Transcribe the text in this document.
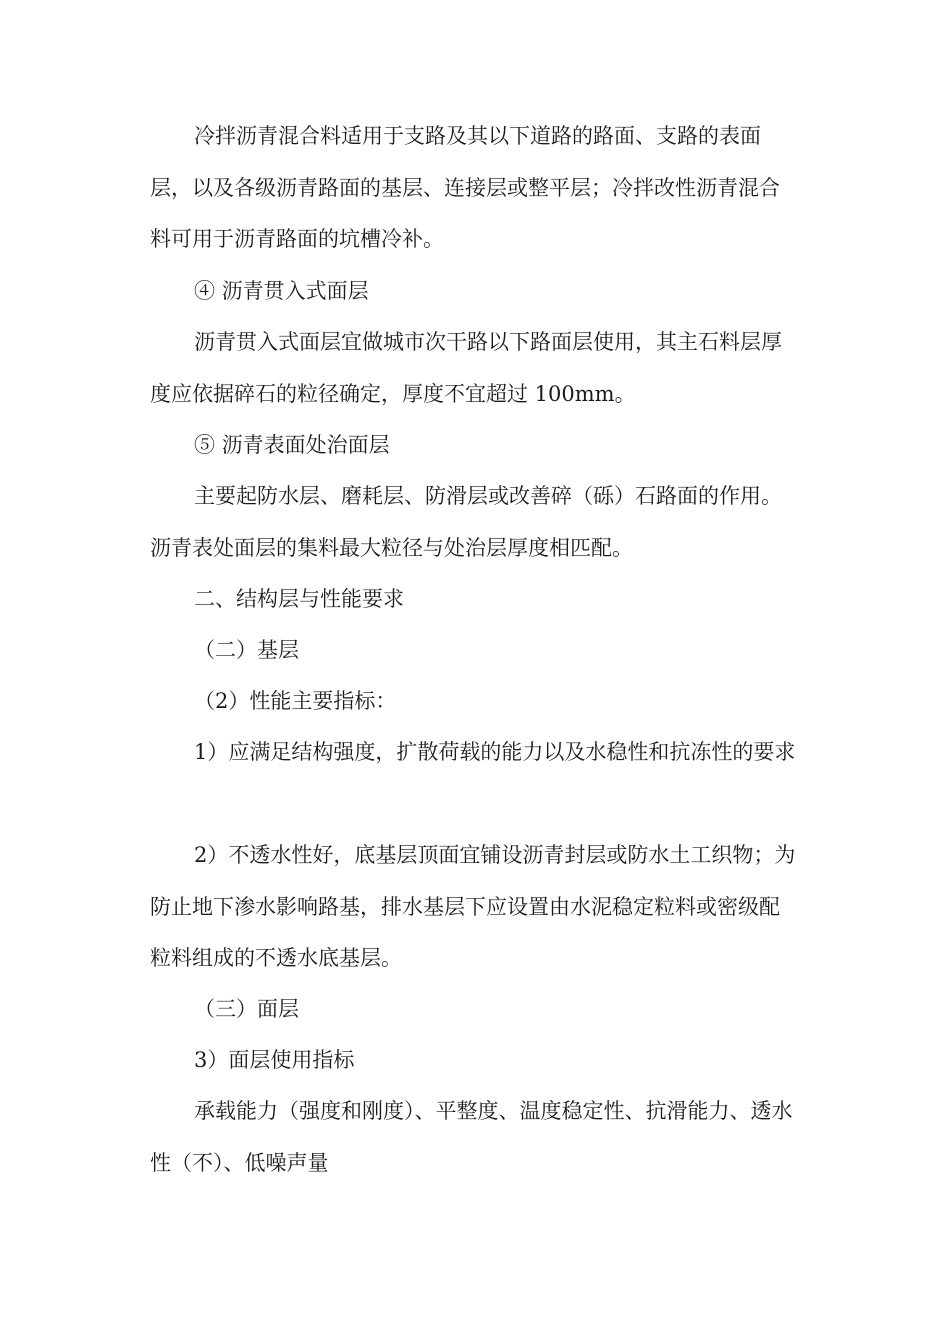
冷拌沥青混合料适用于支路及其以下道路的路面、支路的表面层，以及各级沥青路面的基层、连接层或整平层；冷拌改性沥青混合料可用于沥青路面的坑槽冷补。

④ 沥青贯入式面层

沥青贯入式面层宜做城市次干路以下路面层使用，其主石料层厚度应依据碎石的粒径确定，厚度不宜超过 100mm。

⑤ 沥青表面处治面层

主要起防水层、磨耗层、防滑层或改善碎（砾）石路面的作用。沥青表处面层的集料最大粒径与处治层厚度相匹配。

二、结构层与性能要求

（二）基层

（2）性能主要指标：

1）应满足结构强度，扩散荷载的能力以及水稳性和抗冻性的要求

2）不透水性好，底基层顶面宜铺设沥青封层或防水土工织物；为防止地下渗水影响路基，排水基层下应设置由水泥稳定粒料或密级配粒料组成的不透水底基层。

（三）面层

3）面层使用指标

承载能力（强度和刚度）、平整度、温度稳定性、抗滑能力、透水性（不）、低噪声量
